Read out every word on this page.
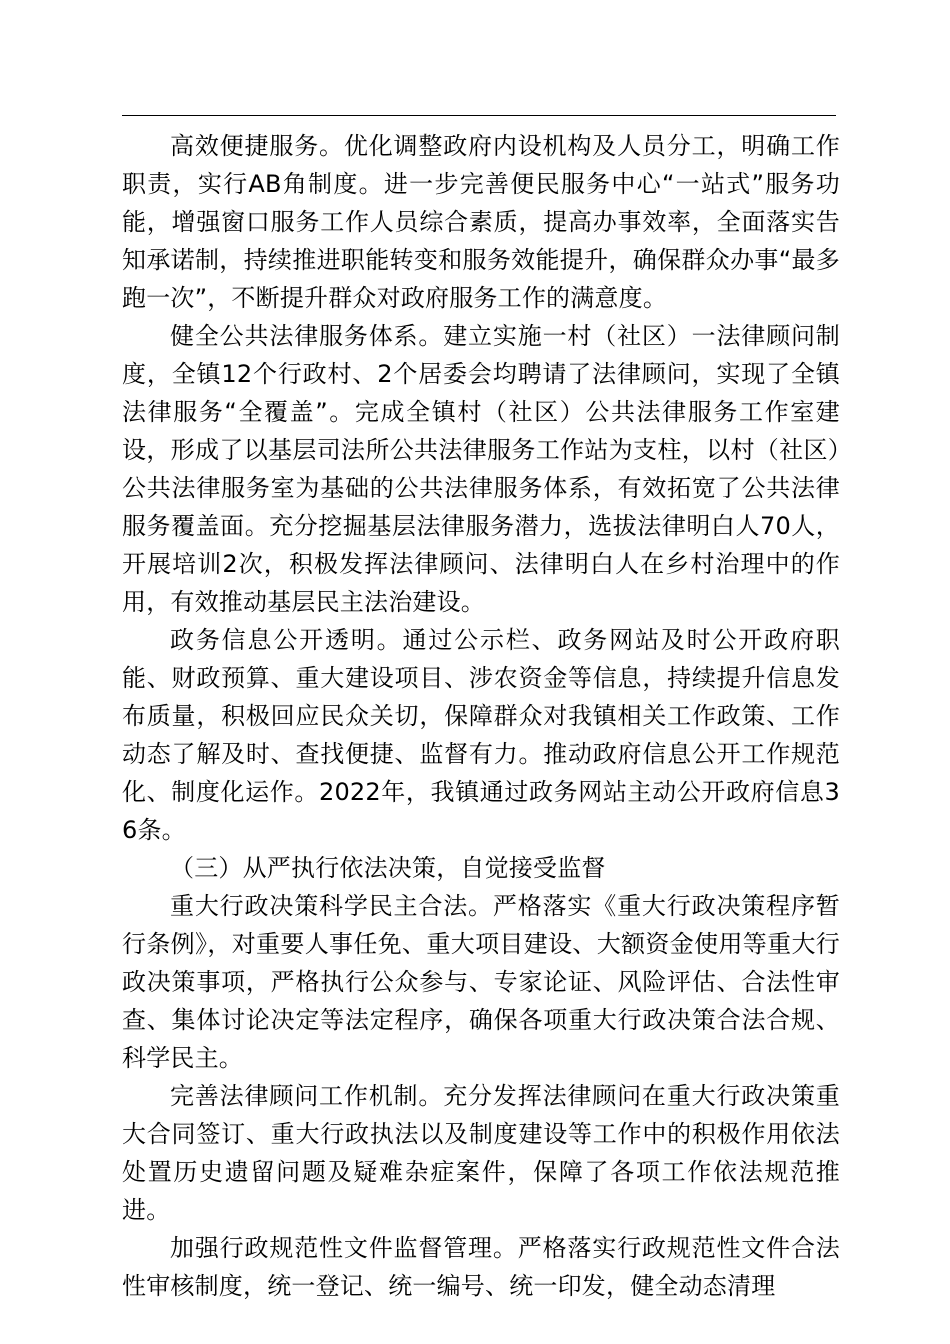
高效便捷服务。优化调整政府内设机构及人员分工，明确工作职责，实行AB角制度。进一步完善便民服务中心“一站式”服务功能，增强窗口服务工作人员综合素质，提高办事效率，全面落实告知承诺制，持续推进职能转变和服务效能提升，确保群众办事“最多跑一次”，不断提升群众对政府服务工作的满意度。

健全公共法律服务体系。建立实施一村（社区）一法律顾问制度，全镇12个行政村、2个居委会均聘请了法律顾问，实现了全镇法律服务“全覆盖”。完成全镇村（社区）公共法律服务工作室建设，形成了以基层司法所公共法律服务工作站为支柱，以村（社区）公共法律服务室为基础的公共法律服务体系，有效拓宽了公共法律服务覆盖面。充分挖掘基层法律服务潜力，选拔法律明白人70人，开展培训2次，积极发挥法律顾问、法律明白人在乡村治理中的作用，有效推动基层民主法治建设。

政务信息公开透明。通过公示栏、政务网站及时公开政府职能、财政预算、重大建设项目、涉农资金等信息，持续提升信息发布质量，积极回应民众关切，保障群众对我镇相关工作政策、工作动态了解及时、查找便捷、监督有力。推动政府信息公开工作规范化、制度化运作。2022年，我镇通过政务网站主动公开政府信息36条。

（三）从严执行依法决策，自觉接受监督

重大行政决策科学民主合法。严格落实《重大行政决策程序暂行条例》，对重要人事任免、重大项目建设、大额资金使用等重大行政决策事项，严格执行公众参与、专家论证、风险评估、合法性审查、集体讨论决定等法定程序，确保各项重大行政决策合法合规、科学民主。

完善法律顾问工作机制。充分发挥法律顾问在重大行政决策重大合同签订、重大行政执法以及制度建设等工作中的积极作用依法处置历史遗留问题及疑难杂症案件，保障了各项工作依法规范推进。

加强行政规范性文件监督管理。严格落实行政规范性文件合法性审核制度，统一登记、统一编号、统一印发，健全动态清理
